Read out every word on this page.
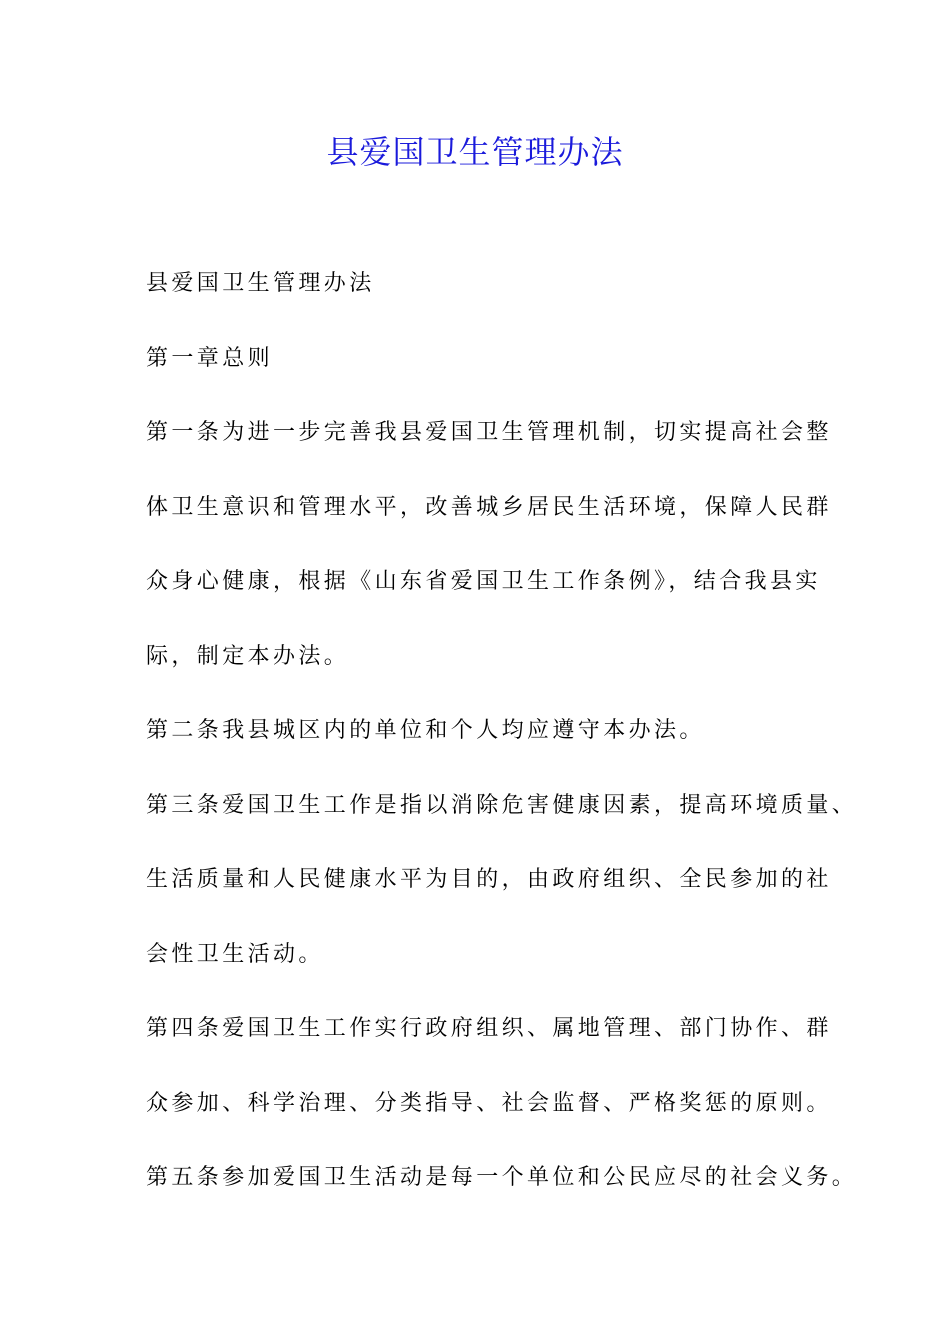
县爱国卫生管理办法

县爱国卫生管理办法

第一章总则

第一条为进一步完善我县爱国卫生管理机制，切实提高社会整

体卫生意识和管理水平，改善城乡居民生活环境，保障人民群

众身心健康，根据《山东省爱国卫生工作条例》，结合我县实

际，制定本办法。

第二条我县城区内的单位和个人均应遵守本办法。

第三条爱国卫生工作是指以消除危害健康因素，提高环境质量、

生活质量和人民健康水平为目的，由政府组织、全民参加的社

会性卫生活动。

第四条爱国卫生工作实行政府组织、属地管理、部门协作、群

众参加、科学治理、分类指导、社会监督、严格奖惩的原则。

第五条参加爱国卫生活动是每一个单位和公民应尽的社会义务。
